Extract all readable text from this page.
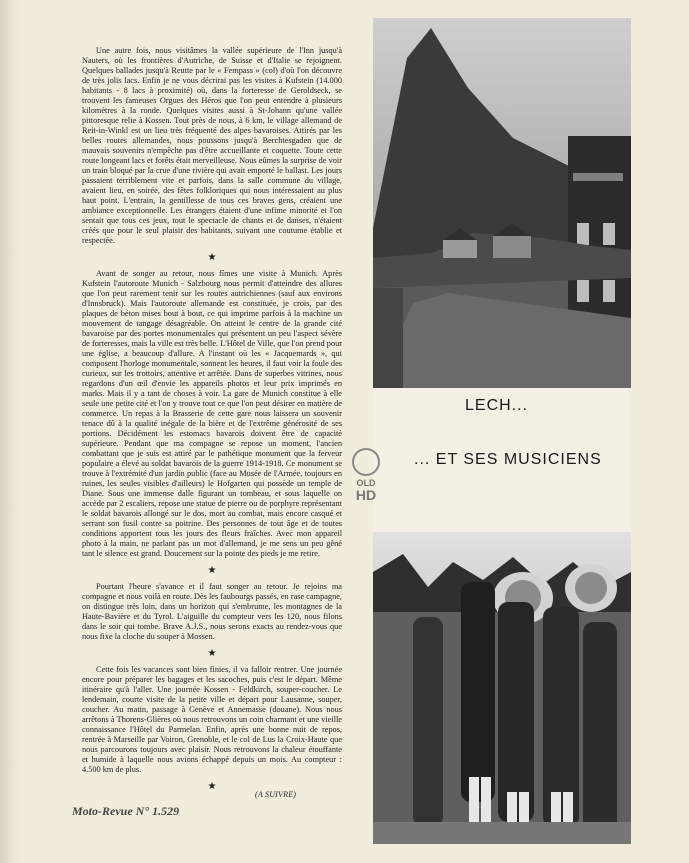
Une autre fois, nous visitâmes la vallée supérieure de l'Inn jusqu'à Nauters, où les frontières d'Autriche, de Suisse et d'Italie se rejoignent. Quelques ballades jusqu'à Reutte par le « Fempass » (col) d'où l'on découvre de très jolis lacs. Enfin je ne vous décrirai pas les visites à Kufstein (14.000 habitants - 8 lacs à proximité) où, dans la forteresse de Geroldseck, se trouvent les fameuses Orgues des Héros que l'on peut entendre à plusieurs kilomètres à la ronde. Quelques visites aussi à St-Johann qu'une vallée pittoresque relie à Kossen. Tout près de nous, à 6 km, le village allemand de Reit-in-Winkl est un lieu très fréquenté des alpes bavaroises. Attirés par les belles routes allemandes, nous poussons jusqu'à Berchtesgaden que de mauvais souvenirs n'empêche pas d'être accueillante et coquette. Toute cette route longeant lacs et forêts était merveilleuse. Nous eûmes la surprise de voir un train bloqué par la crue d'une rivière qui avait emporté le ballast. Les jours passaient terriblement vite et parfois, dans la salle commune du village, avaient lieu, en soirée, des fêtes folkloriques qui nous intéressaient au plus haut point. L'entrain, la gentillesse de tous ces braves gens, créaient une ambiance exceptionnelle. Les étrangers étaient d'une infime minorité et l'on sentait que tous ces jeux, tout le spectacle de chants et de danses, n'étaient créés que pour le seul plaisir des habitants, suivant une coutume établie et respectée.

★

Avant de songer au retour, nous fîmes une visite à Munich. Après Kufstein l'autoroute Munich - Salzbourg nous permit d'atteindre des allures que l'on peut rarement tenir sur les routes autrichiennes (sauf aux environs d'Innsbruck). Mais l'autoroute allemande est constituée, je crois, par des plaques de béton mises bout à bout, ce qui imprime parfois à la machine un mouvement de tangage désagréable. On atteint le centre de la grande cité bavaroise par des portes monumentales qui présentent un peu l'aspect sévère de forteresses, mais la ville est très belle. L'Hôtel de Ville, que l'on prend pour une église, a beaucoup d'allure. A l'instant où les « Jacquemards », qui composent l'horloge monumentale, sonnent les heures, il faut voir la foule des curieux, sur les trottoirs, attentive et arrêtée. Dans de superbes vitrines, nous regardons d'un œil d'envie les appareils photos et leur prix imprimés en marks. Mais il y a tant de choses à voir. La gare de Munich constitue à elle seule une petite cité et l'on y trouve tout ce que l'on peut désirer en matière de commerce. Un repas à la Brasserie de cette gare nous laissera un souvenir tenace dû à la qualité inégale de la bière et de l'extrême générosité de ses portions. Décidément les estomacs bavarois doivent être de capacité supérieure. Pendant que ma compagne se repose un moment, l'ancien combattant que je suis est attiré par le pathétique monument que la ferveur populaire a élevé au soldat bavarois de la guerre 1914-1918. Ce monument se trouve à l'extrémité d'un jardin public (face au Musée de l'Armée, toujours en ruines, les seules visibles d'ailleurs) le Hofgarten qui possède un temple de Diane. Sous une immense dalle figurant un tombeau, et sous laquelle on accède par 2 escaliers, repose une statue de pierre ou de porphyre représentant le soldat bavarois allongé sur le dos, mort au combat, mais encore casqué et serrant son fusil contre sa poitrine. Des personnes de tout âge et de toutes conditions apportent tous les jours des fleurs fraîches. Avec mon appareil photo à la main, ne parlant pas un mot d'allemand, je me sens un peu gêné tant le silence est grand. Doucement sur la pointe des pieds je me retire.

★

Pourtant l'heure s'avance et il faut songer au retour. Je rejoins ma compagne et nous voilà en route. Dès les faubourgs passés, en rase campagne, on distingue très loin, dans un horizon qui s'embrume, les montagnes de la Haute-Bavière et du Tyrol. L'aiguille du compteur vers les 120, nous filons dans le soir qui tombe. Brave A.J.S., nous serons exacts au rendez-vous que nous fixe la cloche du souper à Mossen.

★

Cette fois les vacances sont bien finies, il va falloir rentrer. Une journée encore pour préparer les bagages et les sacoches, puis c'est le départ. Même itinéraire qu'à l'aller. Une journée Kossen - Feldkirch, souper-coucher. Le lendemain, courte visite de la petite ville et départ pour Lausanne, souper, coucher. Au matin, passage à Genève et Annemasse (douane). Nous nous arrêtons à Thorens-Glières où nous retrouvons un coin charmant et une vieille connaissance l'Hôtel du Parmelan. Enfin, après une bonne nuit de repos, rentrée à Marseille par Voiron, Grenoble, et le col de Lus la Croix-Haute que nous parcourons toujours avec plaisir. Nous retrouvons la chaleur étouffante et humide à laquelle nous avions échappé depuis un mois. Au compteur : 4.500 km de plus.

★
(A SUIVRE)
Moto-Revue N° 1.529
LECH...
... ET SES MUSICIENS
OLD
HD
